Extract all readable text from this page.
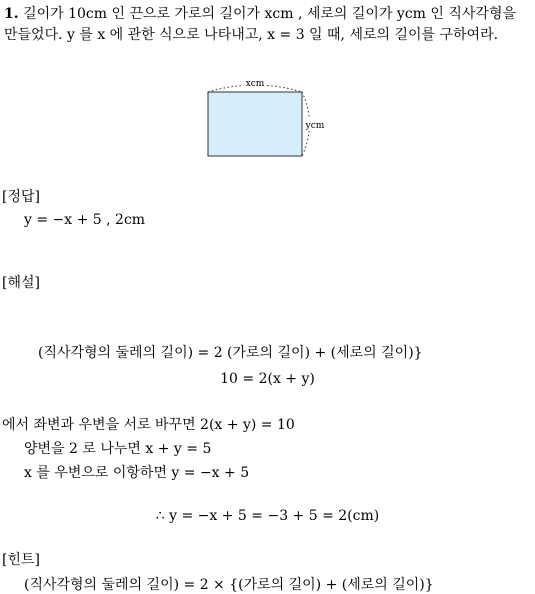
1. 길이가 10cm 인 끈으로 가로의 길이가 xcm , 세로의 길이가 ycm 인 직사각형을 만들었다. y 를 x 에 관한 식으로 나타내고, x = 3 일 때, 세로의 길이를 구하여라.
xcm
ycm
[정답]
y = −x + 5 , 2cm
[해설]
(직사각형의 둘레의 길이) = 2 (가로의 길이) + (세로의 길이)}
10 = 2(x + y)
에서 좌변과 우변을 서로 바꾸면 2(x + y) = 10
양변을 2 로 나누면 x + y = 5
x 를 우변으로 이항하면 y = −x + 5
∴ y = −x + 5 = −3 + 5 = 2(cm)
[힌트]
(직사각형의 둘레의 길이) = 2 × {(가로의 길이) + (세로의 길이)}
